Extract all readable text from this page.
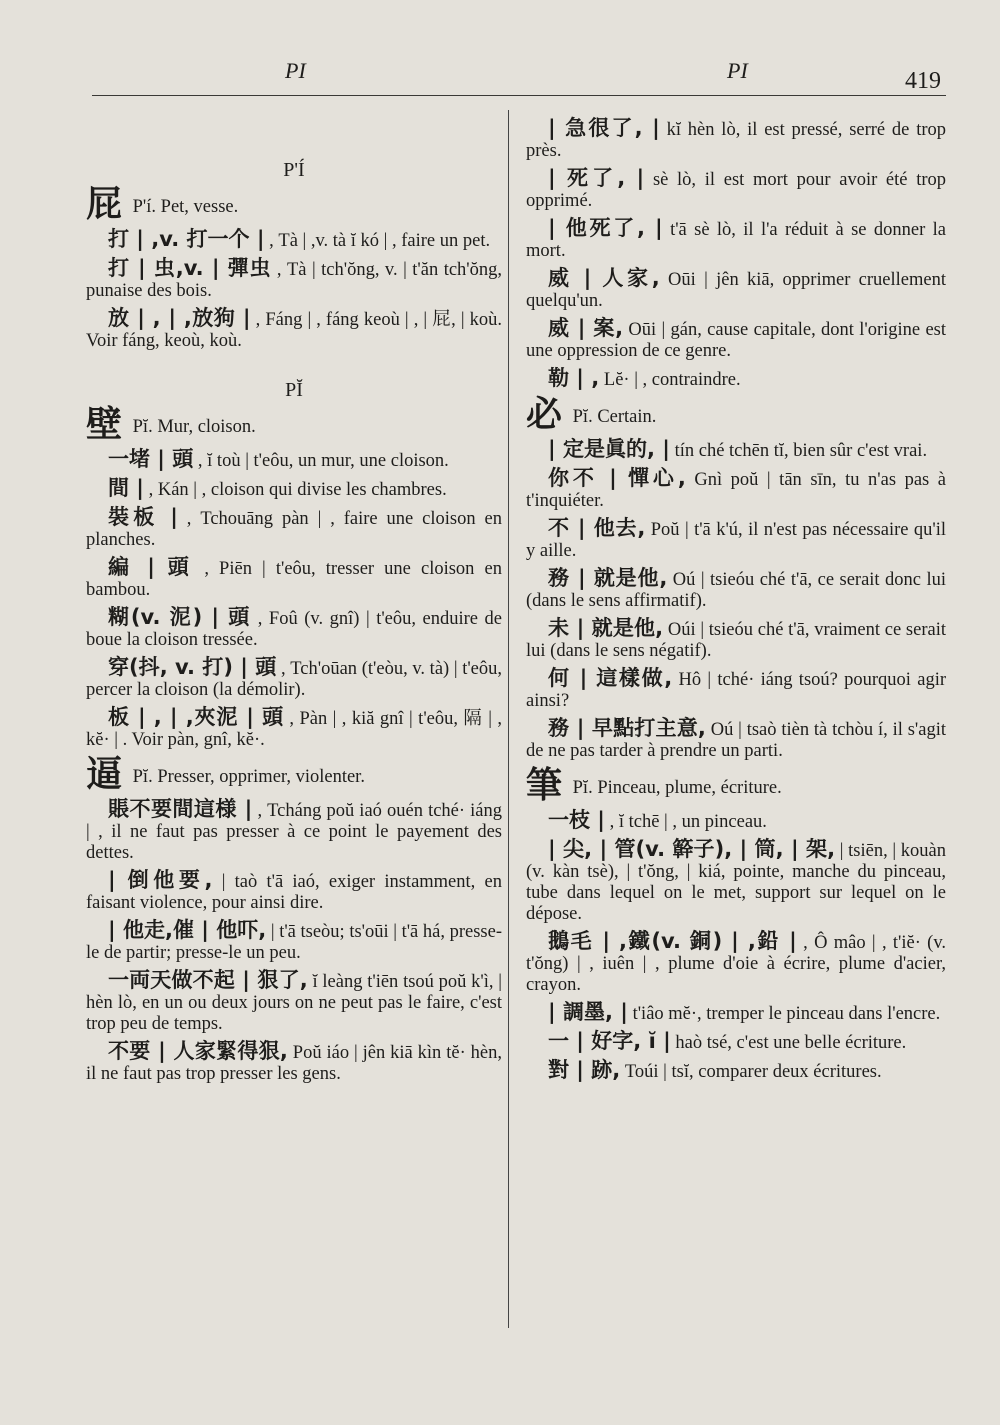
PI	PI	419
P'Í
屁 P'í. Pet, vesse.
打 | ,v. 打一个 | , Tà | ,v. tà ĭ kó | , faire un pet.
打 | 虫,v. | 彈虫 , Tà | tch'ŏng, v. | t'ăn tch'ŏng, punaise des bois.
放 | , | ,放狗 | , Fáng | , fáng keoù | , | 屁, | koù. Voir fáng, keoù, koù.
PĬ
壁 Pĭ. Mur, cloison.
一堵 | 頭 , ĭ toù | t'eôu, un mur, une cloison.
間 | , Kán | , cloison qui divise les chambres.
裝板 | , Tchouāng pàn | , faire une cloison en planches.
編 | 頭 , Piēn | t'eôu, tresser une cloison en bambou.
糊(v. 泥) | 頭 , Foû (v. gnî) | t'eôu, enduire de boue la cloison tressée.
穿(抖, v. 打) | 頭 , Tch'oūan (t'eòu, v. tà) | t'eôu, percer la cloison (la démolir).
板 | , | ,夾泥 | 頭 , Pàn | , kiă gnî | t'eôu, 隔 | , kĕ· | . Voir pàn, gnî, kĕ·.
逼 Pĭ. Presser, opprimer, violenter.
賬不要間這様 | , Tcháng poŭ iaó ouén tché· iáng | , il ne faut pas presser à ce point le payement des dettes.
| 倒他要, | taò t'ā iaó, exiger instamment, en faisant violence, pour ainsi dire.
| 他走,催 | 他吓, | t'ā tseòu; ts'oūi | t'ā há, presse-le de partir; presse-le un peu.
一両天做不起 | 狠了, ĭ leàng t'iēn tsoú poŭ k'ì, | hèn lò, en un ou deux jours on ne peut pas le faire, c'est trop peu de temps.
不要 | 人家緊得狠, Poŭ iáo | jên kiā kìn tĕ· hèn, il ne faut pas trop presser les gens.
| 急很了, | kĭ hèn lò, il est pressé, serré de trop près.
| 死了, | sè lò, il est mort pour avoir été trop opprimé.
| 他死了, | t'ā sè lò, il l'a réduit à se donner la mort.
威 | 人家, Oūi | jên kiā, opprimer cruellement quelqu'un.
威 | 案, Oūi | gán, cause capitale, dont l'origine est une oppression de ce genre.
勒 | , Lĕ· | , contraindre.
必 Pĭ. Certain.
| 定是眞的, | tín ché tchēn tĭ, bien sûr c'est vrai.
你不 | 憚心, Gnì poŭ | tān sīn, tu n'as pas à t'inquiéter.
不 | 他去, Poŭ | t'ā k'ú, il n'est pas nécessaire qu'il y aille.
務 | 就是他, Oú | tsieóu ché t'ā, ce serait donc lui (dans le sens affirmatif).
未 | 就是他, Oúi | tsieóu ché t'ā, vraiment ce serait lui (dans le sens négatif).
何 | 這樣做, Hô | tché· iáng tsoú? pourquoi agir ainsi?
務 | 早點打主意, Oú | tsaò tièn tà tchòu í, il s'agit de ne pas tarder à prendre un parti.
筆 Pĭ. Pinceau, plume, écriture.
一枝 | , ĭ tchē | , un pinceau.
| 尖, | 管(v. 簳子), | 筒, | 架, | tsiēn, | kouàn (v. kàn tsè), | t'ŏng, | kiá, pointe, manche du pinceau, tube dans lequel on le met, support sur lequel on le dépose.
鵝毛 | ,鐵(v. 銅) | ,鉛 | , Ô mâo | , t'iĕ· (v. t'ŏng) | , iuên | , plume d'oie à écrire, plume d'acier, crayon.
| 調墨, | t'iâo mĕ·, tremper le pinceau dans l'encre.
一 | 好字, ĭ | haò tsé, c'est une belle écriture.
對 | 跡, Toúi | tsĭ, comparer deux écritures.
